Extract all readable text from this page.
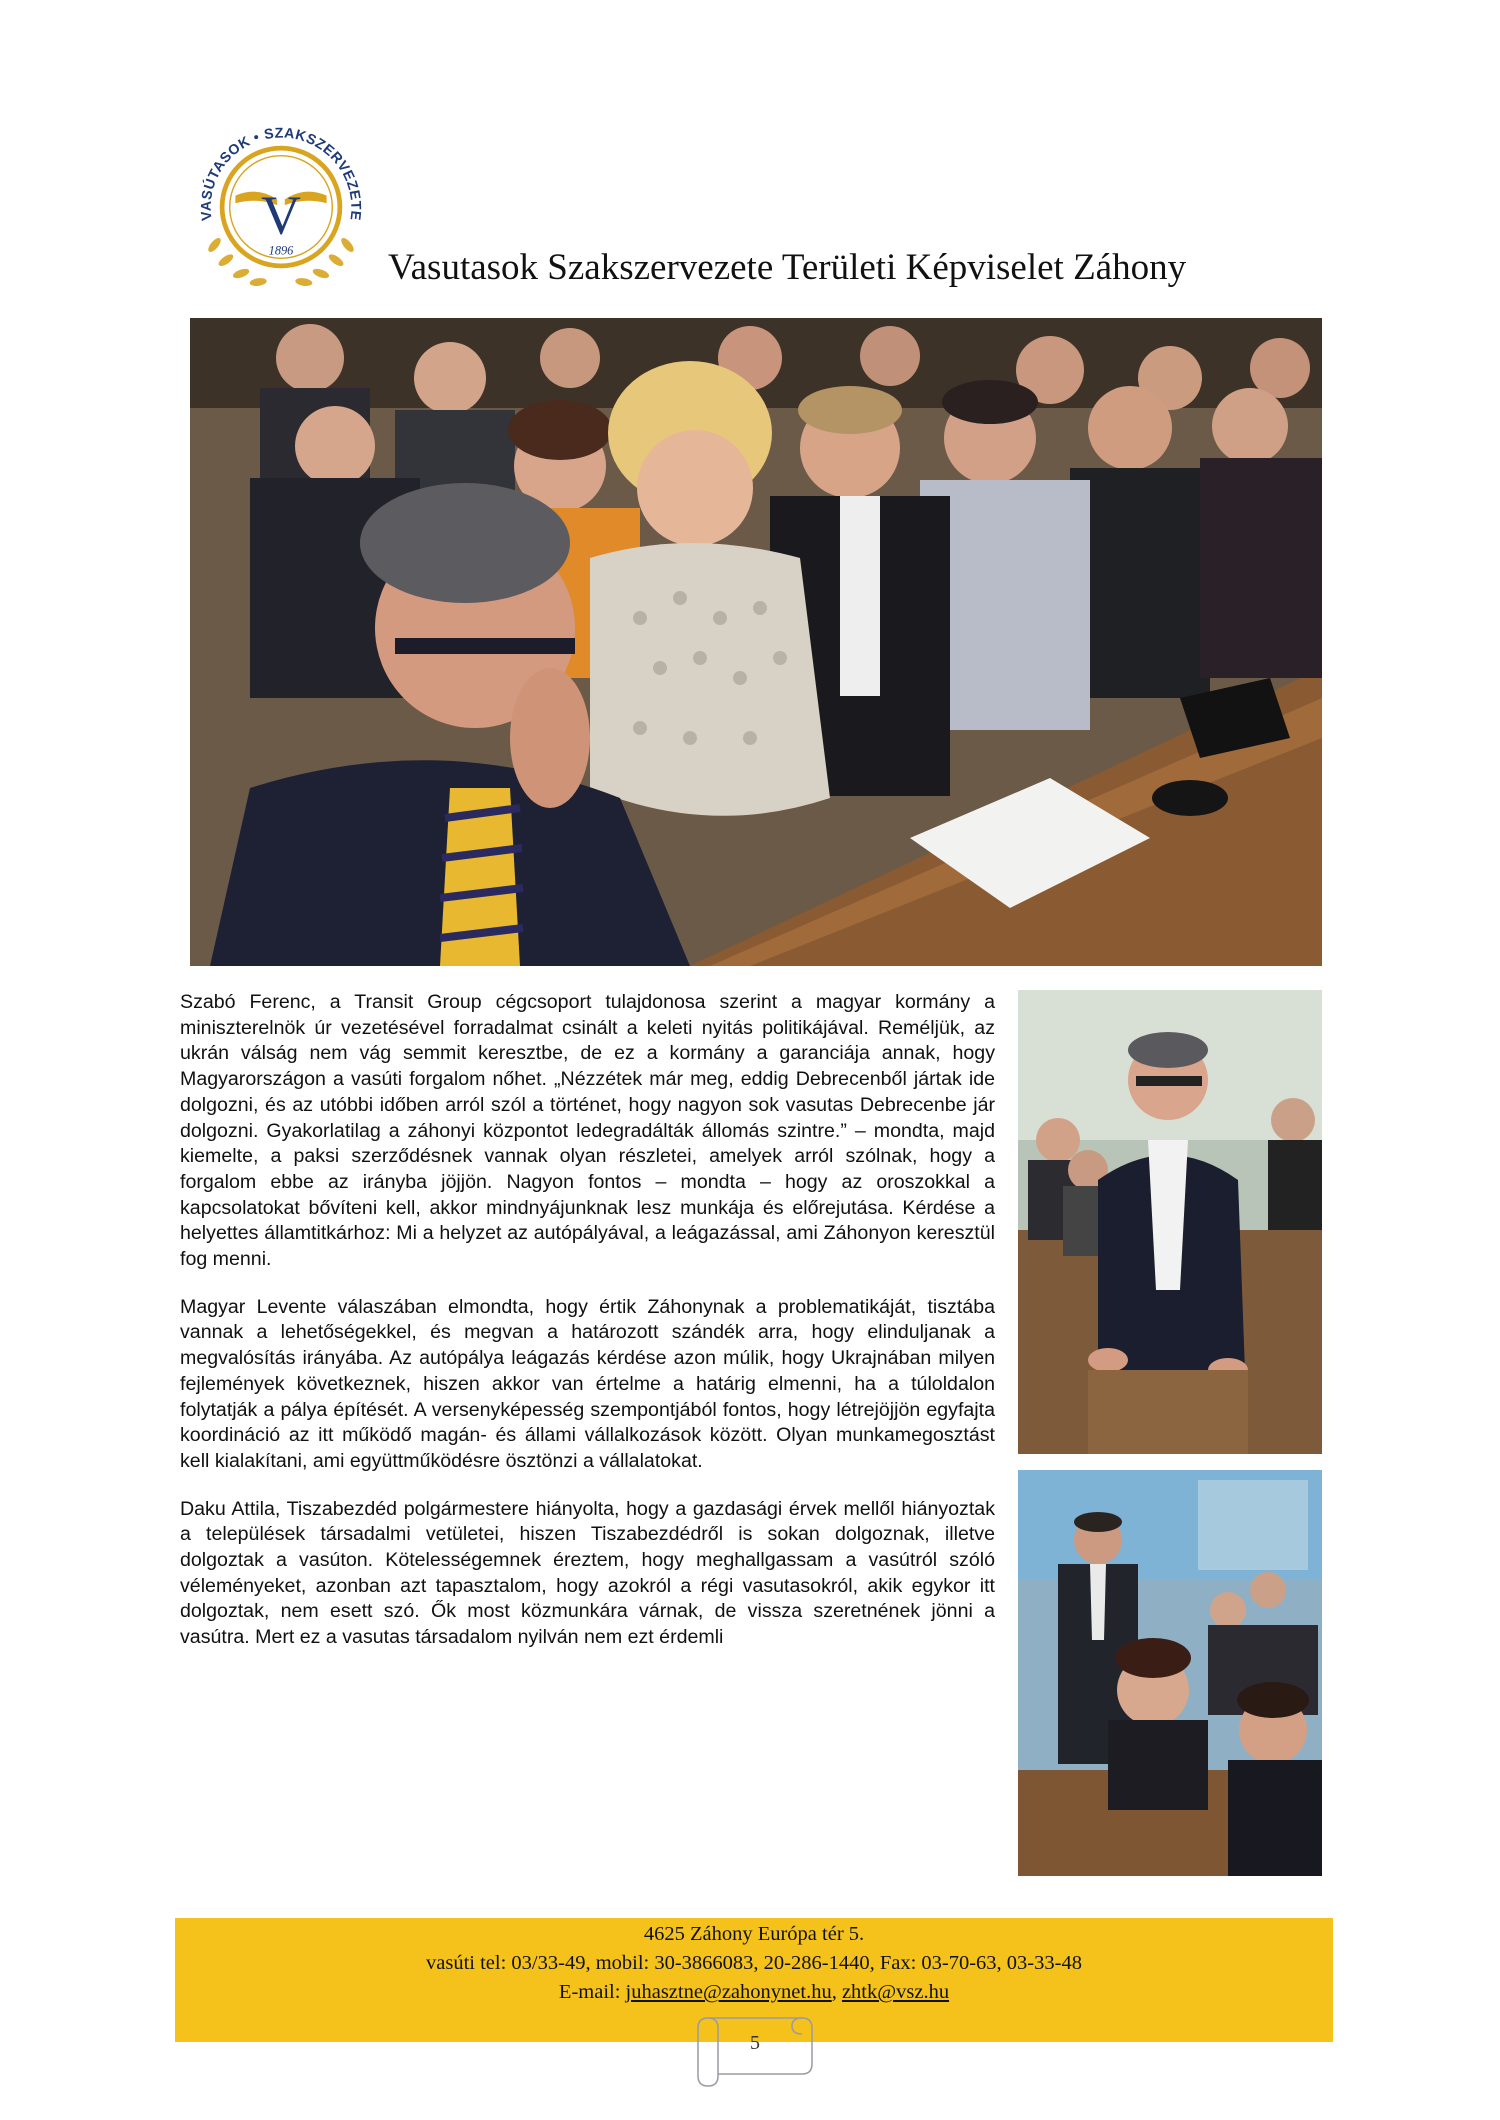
VASÚTASOK • SZAKSZERVEZETE
V
1896	Vasutasok Szakszervezete Területi Képviselet Záhony

Szabó Ferenc, a Transit Group cégcsoport tulajdonosa szerint a magyar kormány a miniszterelnök úr vezetésével forradalmat csinált a keleti nyitás politikájával. Reméljük, az ukrán válság nem vág semmit keresztbe, de ez a kormány a garanciája annak, hogy Magyarországon a vasúti forgalom nőhet. „Nézzétek már meg, eddig Debrecenből jártak ide dolgozni, és az utóbbi időben arról szól a történet, hogy nagyon sok vasutas Debrecenbe jár dolgozni. Gyakorlatilag a záhonyi központot ledegradálták állomás szintre.” – mondta, majd kiemelte, a paksi szerződésnek vannak olyan részletei, amelyek arról szólnak, hogy a forgalom ebbe az irányba jöjjön. Nagyon fontos – mondta – hogy az oroszokkal a kapcsolatokat bővíteni kell, akkor mindnyájunknak lesz munkája és előrejutása. Kérdése a helyettes államtitkárhoz: Mi a helyzet az autópályával, a leágazással, ami Záhonyon keresztül fog menni.

Magyar Levente válaszában elmondta, hogy értik Záhonynak a problematikáját, tisztába vannak a lehetőségekkel, és megvan a határozott szándék arra, hogy elinduljanak a megvalósítás irányába. Az autópálya leágazás kérdése azon múlik, hogy Ukrajnában milyen fejlemények következnek, hiszen akkor van értelme a határig elmenni, ha a túloldalon folytatják a pálya építését. A versenyképesség szempontjából fontos, hogy létrejöjjön egyfajta koordináció az itt működő magán- és állami vállalkozások között. Olyan munkamegosztást kell kialakítani, ami együttműködésre ösztönzi a vállalatokat.

Daku Attila, Tiszabezdéd polgármestere hiányolta, hogy a gazdasági érvek mellől hiányoztak a települések társadalmi vetületei, hiszen Tiszabezdédről is sokan dolgoznak, illetve dolgoztak a vasúton. Kötelességemnek éreztem, hogy meghallgassam a vasútról szóló véleményeket, azonban azt tapasztalom, hogy azokról a régi vasutasokról, akik egykor itt dolgoztak, nem esett szó. Ők most közmunkára várnak, de vissza szeretnének jönni a vasútra. Mert ez a vasutas társadalom nyilván nem ezt érdemli

4625 Záhony Európa tér 5.
vasúti tel: 03/33-49, mobil: 30-3866083, 20-286-1440, Fax: 03-70-63, 03-33-48
E-mail: juhasztne@zahonynet.hu, zhtk@vsz.hu
5
